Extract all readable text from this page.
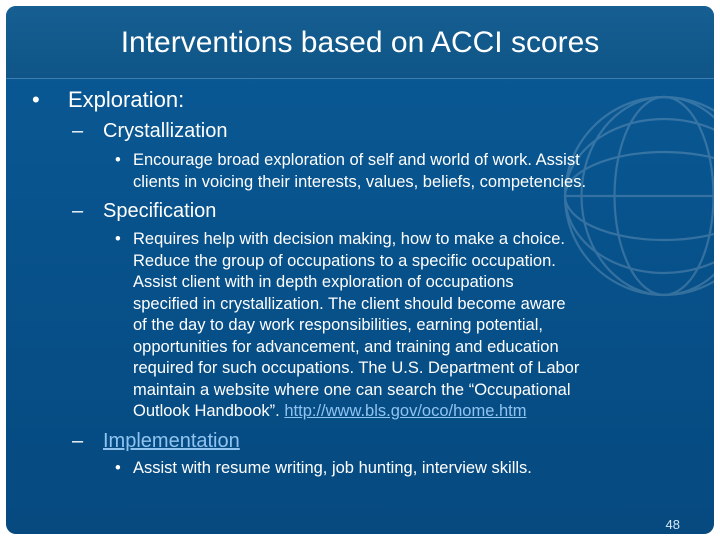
Interventions based on ACCI scores
• Exploration:
– Crystallization
• Encourage broad exploration of self and world of work. Assist
clients in voicing their interests, values, beliefs, competencies.
– Specification
• Requires help with decision making, how to make a choice.
Reduce the group of occupations to a specific occupation.
Assist client with in depth exploration of occupations
specified in crystallization. The client should become aware
of the day to day work responsibilities, earning potential,
opportunities for advancement, and training and education
required for such occupations. The U.S. Department of Labor
maintain a website where one can search the “Occupational
Outlook Handbook”. http://www.bls.gov/oco/home.htm
– Implementation
• Assist with resume writing, job hunting, interview skills.
48
